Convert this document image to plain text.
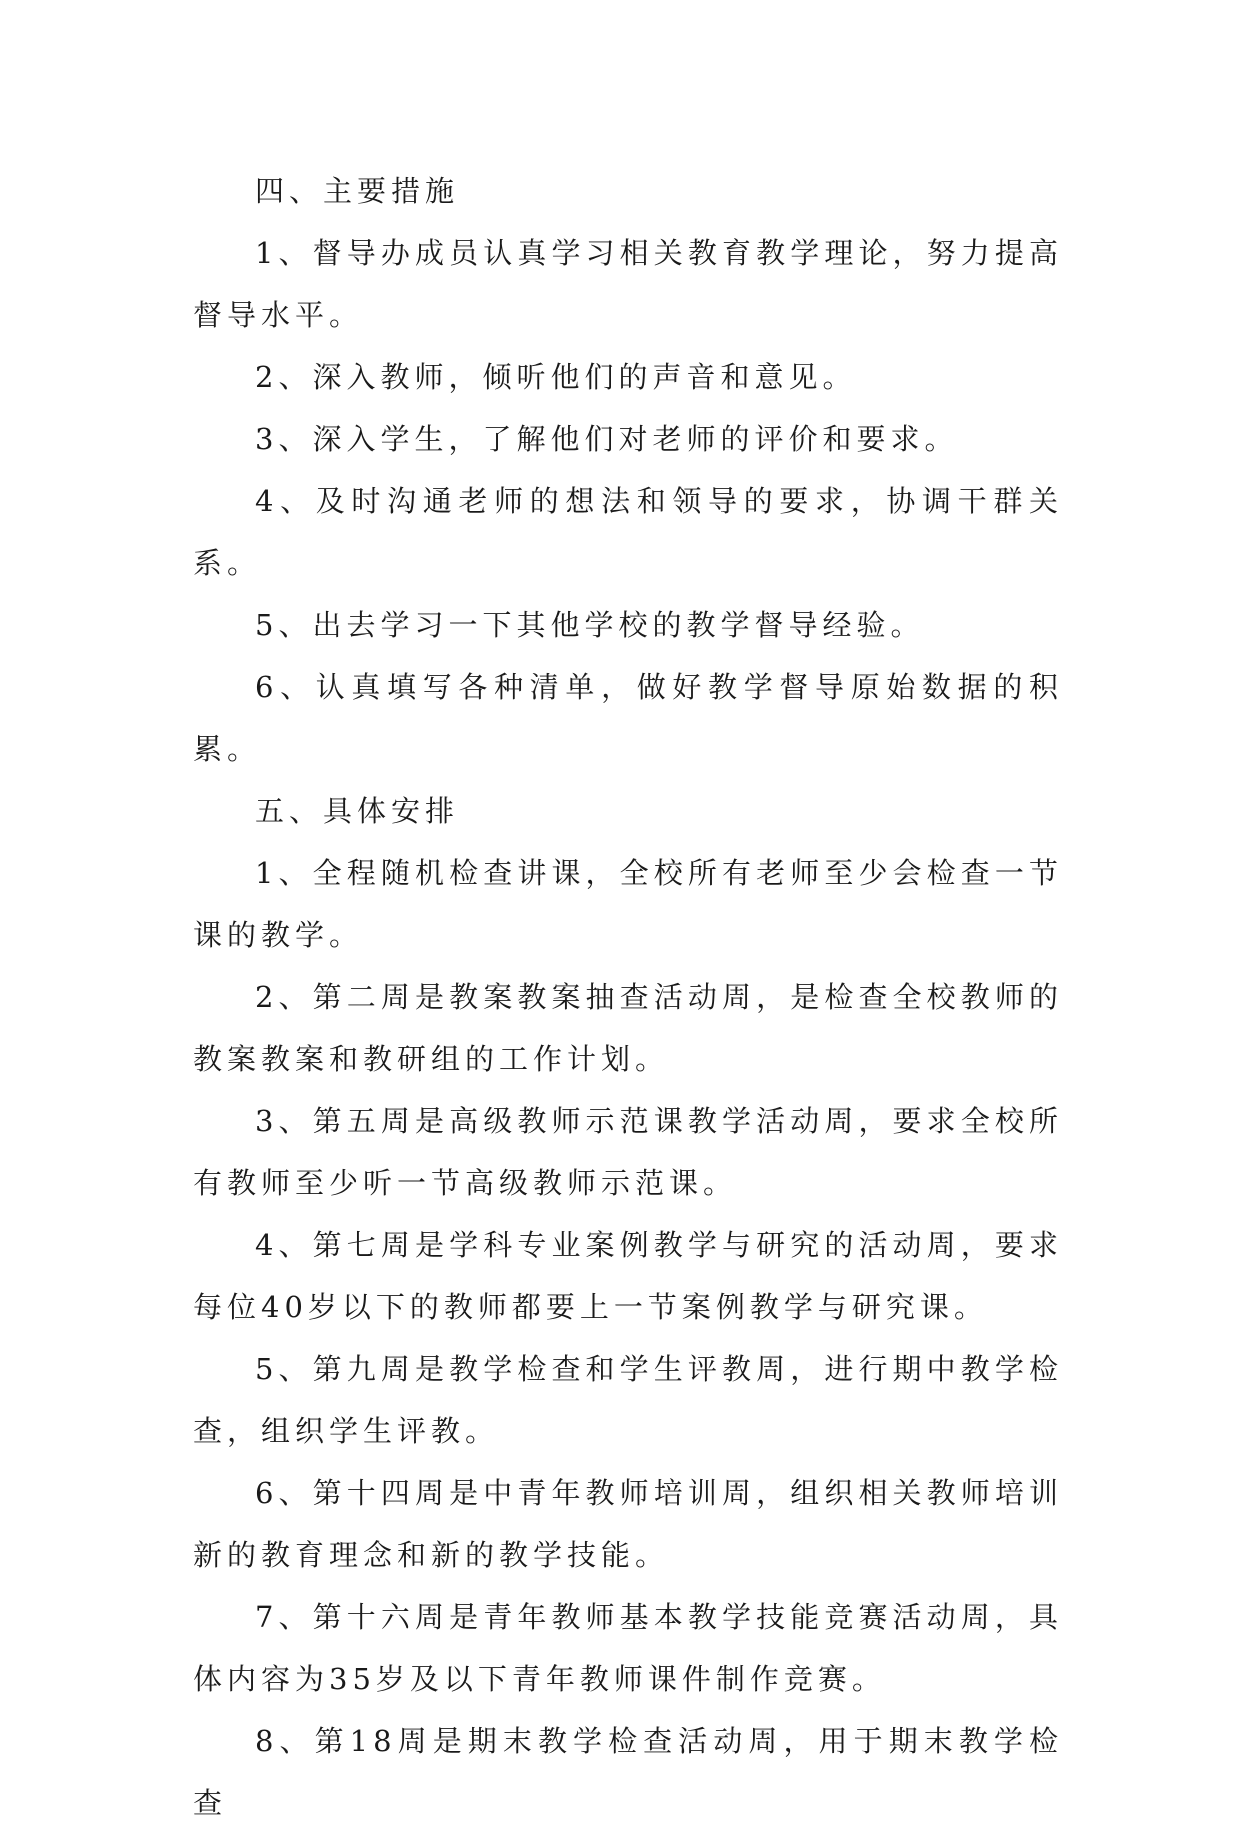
四、主要措施

1、督导办成员认真学习相关教育教学理论，努力提高督导水平。

2、深入教师，倾听他们的声音和意见。

3、深入学生，了解他们对老师的评价和要求。

4、及时沟通老师的想法和领导的要求，协调干群关系。

5、出去学习一下其他学校的教学督导经验。

6、认真填写各种清单，做好教学督导原始数据的积累。

五、具体安排

1、全程随机检查讲课，全校所有老师至少会检查一节课的教学。

2、第二周是教案教案抽查活动周，是检查全校教师的教案教案和教研组的工作计划。

3、第五周是高级教师示范课教学活动周，要求全校所有教师至少听一节高级教师示范课。

4、第七周是学科专业案例教学与研究的活动周，要求每位40岁以下的教师都要上一节案例教学与研究课。

5、第九周是教学检查和学生评教周，进行期中教学检查，组织学生评教。

6、第十四周是中青年教师培训周，组织相关教师培训新的教育理念和新的教学技能。

7、第十六周是青年教师基本教学技能竞赛活动周，具体内容为35岁及以下青年教师课件制作竞赛。

8、第18周是期末教学检查活动周，用于期末教学检查
